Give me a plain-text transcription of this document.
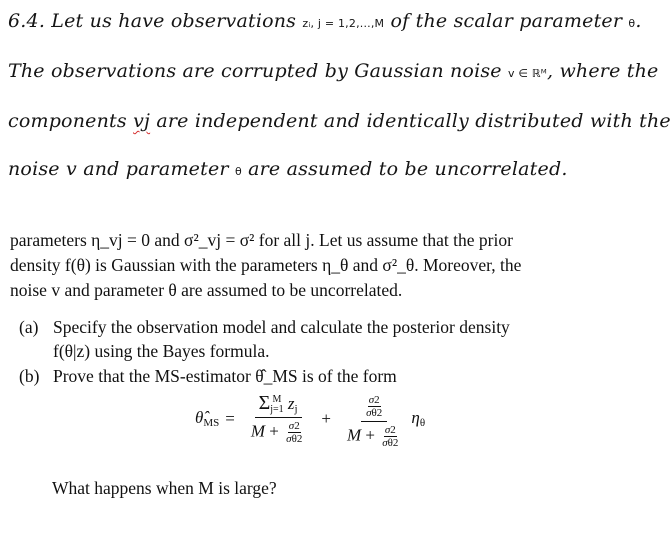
6.4. Let us have observations zᵢ, j = 1,2,...,M of the scalar parameter θ.
The observations are corrupted by Gaussian noise v ∈ ℝᴹ, where the
components vj are independent and identically distributed with the
noise v and parameter θ are assumed to be uncorrelated.
parameters η_vj = 0 and σ²_vj = σ² for all j. Let us assume that the prior
density f(θ) is Gaussian with the parameters η_θ and σ²_θ. Moreover, the
noise v and parameter θ are assumed to be uncorrelated.
(a) Specify the observation model and calculate the posterior density
f(θ|z) using the Bayes formula.
(b) Prove that the MS-estimator θ̂_MS is of the form
$\thetâ_{MS} = \Sigma$ M
j=1 $z_j$
$M + \frac{\sigma 2}{\sigma\theta 2} + \frac{\frac{\sigma 2}{\sigma\theta 2}}{M + \frac{\sigma 2}{\sigma\theta 2}} \eta_\theta$
What happens when M is large?
